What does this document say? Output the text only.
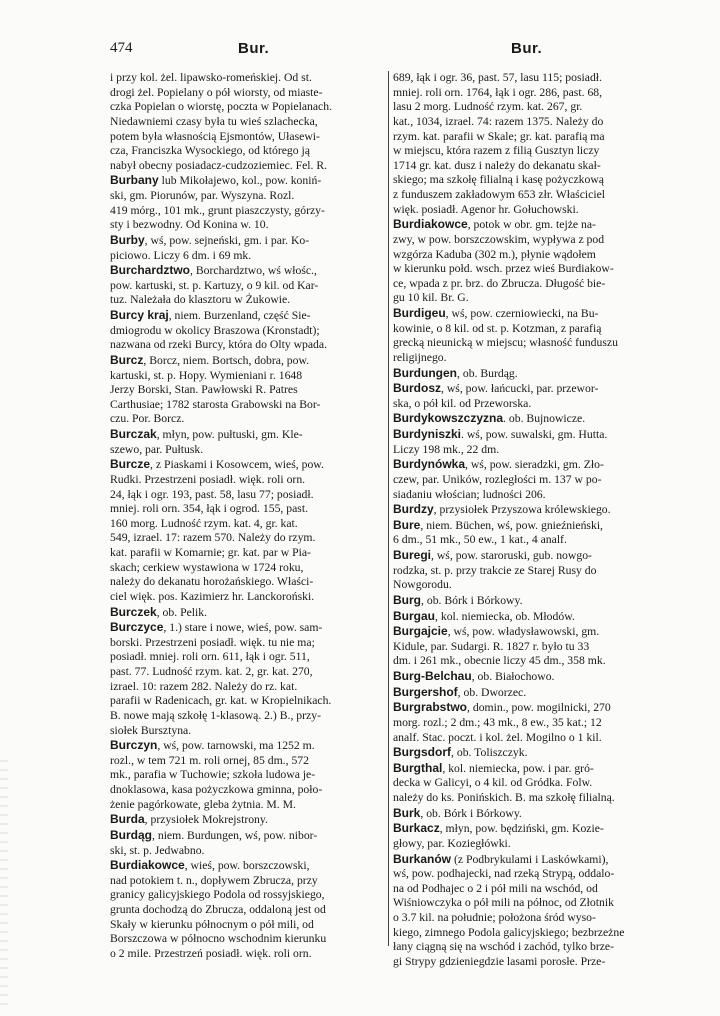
474	Bur.	Bur.
i przy kol. żel. lipawsko-romeńskiej. Od st.
drogi żel. Popielany o pół wiorsty, od miaste-
czka Popielan o wiorstę, poczta w Popielanach.
Niedawniemi czasy była tu wieś szlachecka,
potem była własnością Ejsmontów, Ułasewi-
cza, Franciszka Wysockiego, od którego ją
nabył obecny posiadacz-cudzoziemiec. Fel. R.
Burbany lub Mikołajewo, kol., pow. koniń-
ski, gm. Piorunów, par. Wyszyna. Rozl.
419 mórg., 101 mk., grunt piaszczysty, górzy-
sty i bezwodny. Od Konina w. 10.
Burby, wś, pow. sejneński, gm. i par. Ko-
piciowo. Liczy 6 dm. i 69 mk.
Burchardztwo, Borchardztwo, wś włośc.,
pow. kartuski, st. p. Kartuzy, o 9 kil. od Kar-
tuz. Należała do klasztoru w Żukowie.
Burcy kraj, niem. Burzenland, część Sie-
dmiogrodu w okolicy Braszowa (Kronstadt);
nazwana od rzeki Burcy, która do Olty wpada.
Burcz, Borcz, niem. Bortsch, dobra, pow.
kartuski, st. p. Hopy. Wymieniani r. 1648
Jerzy Borski, Stan. Pawłowski R. Patres
Carthusiae; 1782 starosta Grabowski na Bor-
czu. Por. Borcz.
Burczak, młyn, pow. pułtuski, gm. Kle-
szewo, par. Pułtusk.
Burcze, z Piaskami i Kosowcem, wieś, pow.
Rudki. Przestrzeni posiadł. więk. roli orn.
24, łąk i ogr. 193, past. 58, lasu 77; posiadł.
mniej. roli orn. 354, łąk i ogrod. 155, past.
160 morg. Ludność rzym. kat. 4, gr. kat.
549, izrael. 17: razem 570. Należy do rzym.
kat. parafii w Komarnie; gr. kat. par w Pia-
skach; cerkiew wystawiona w 1724 roku,
należy do dekanatu horożańskiego. Właści-
ciel więk. pos. Kazimierz hr. Lanckoroński.
Burczek, ob. Pelik.
Burczyce, 1.) stare i nowe, wieś, pow. sam-
borski. Przestrzeni posiadł. więk. tu nie ma;
posiadł. mniej. roli orn. 611, łąk i ogr. 511,
past. 77. Ludność rzym. kat. 2, gr. kat. 270,
izrael. 10: razem 282. Należy do rz. kat.
parafii w Radenicach, gr. kat. w Kropielnikach.
B. nowe mają szkołę 1-klasową. 2.) B., przy-
siołek Bursztyna.
Burczyn, wś, pow. tarnowski, ma 1252 m.
rozl., w tem 721 m. roli ornej, 85 dm., 572
mk., parafia w Tuchowie; szkoła ludowa je-
dnoklasowa, kasa pożyczkowa gminna, poło-
żenie pagórkowate, gleba żytnia. M. M.
Burda, przysiołek Mokrejstrony.
Burdąg, niem. Burdungen, wś, pow. nibor-
ski, st. p. Jedwabno.
Burdiakowce, wieś, pow. borszczowski,
nad potokiem t. n., dopływem Zbrucza, przy
granicy galicyjskiego Podola od rossyjskiego,
grunta dochodzą do Zbrucza, oddaloną jest od
Skały w kierunku północnym o pół mili, od
Borszczowa w północno wschodnim kierunku
o 2 mile. Przestrzeń posiadł. więk. roli orn.
689, łąk i ogr. 36, past. 57, lasu 115; posiadł.
mniej. roli orn. 1764, łąk i ogr. 286, past. 68,
lasu 2 morg. Ludność rzym. kat. 267, gr.
kat., 1034, izrael. 74: razem 1375. Należy do
rzym. kat. parafii w Skale; gr. kat. parafią ma
w miejscu, która razem z filią Gusztyn liczy
1714 gr. kat. dusz i należy do dekanatu skał-
skiego; ma szkołę filialną i kasę pożyczkową
z funduszem zakładowym 653 złr. Właściciel
więk. posiadł. Agenor hr. Gołuchowski.
Burdiakowce, potok w obr. gm. tejże na-
zwy, w pow. borszczowskim, wypływa z pod
wzgórza Kaduba (302 m.), płynie wądołem
w kierunku połd. wsch. przez wieś Burdiakow-
ce, wpada z pr. brz. do Zbrucza. Długość bie-
gu 10 kil. Br. G.
Burdigeu, wś, pow. czerniowiecki, na Bu-
kowinie, o 8 kil. od st. p. Kotzman, z parafią
grecką nieunicką w miejscu; własność funduszu
religijnego.
Burdungen, ob. Burdąg.
Burdosz, wś, pow. łańcucki, par. przewor-
ska, o pół kil. od Przeworska.
Burdykowszczyzna. ob. Bujnowicze.
Burdyniszki. wś, pow. suwalski, gm. Hutta.
Liczy 198 mk., 22 dm.
Burdynówka, wś, pow. sieradzki, gm. Zło-
czew, par. Uników, rozległości m. 137 w po-
siadaniu włościan; ludności 206.
Burdzy, przysiołek Przyszowa królewskiego.
Bure, niem. Büchen, wś, pow. gnieźnieński,
6 dm., 51 mk., 50 ew., 1 kat., 4 analf.
Buregi, wś, pow. staroruski, gub. nowgo-
rodzka, st. p. przy trakcie ze Starej Rusy do
Nowgorodu.
Burg, ob. Bórk i Bórkowy.
Burgau, kol. niemiecka, ob. Młodów.
Burgajcie, wś, pow. władysławowski, gm.
Kidule, par. Sudargi. R. 1827 r. było tu 33
dm. i 261 mk., obecnie liczy 45 dm., 358 mk.
Burg-Belchau, ob. Białochowo.
Burgershof, ob. Dworzec.
Burgrabstwo, domin., pow. mogilnicki, 270
morg. rozl.; 2 dm.; 43 mk., 8 ew., 35 kat.; 12
analf. Stac. poczt. i kol. żel. Mogilno o 1 kil.
Burgsdorf, ob. Toliszczyk.
Burgthal, kol. niemiecka, pow. i par. gró-
decka w Galicyi, o 4 kil. od Gródka. Folw.
należy do ks. Ponińskich. B. ma szkołę filialną.
Burk, ob. Bórk i Bórkowy.
Burkacz, młyn, pow. będziński, gm. Kozie-
głowy, par. Koziegłówki.
Burkanów (z Podbrykulami i Laskówkami),
wś, pow. podhajecki, nad rzeką Strypą, oddalo-
na od Podhajec o 2 i pół mili na wschód, od
Wiśniowczyka o pół mili na północ, od Złotnik
o 3.7 kil. na południe; położona śród wyso-
kiego, zimnego Podola galicyjskiego; bezbrzeżne
łany ciągną się na wschód i zachód, tylko brze-
gi Strypy gdzieniegdzie lasami porosłe. Prze-
